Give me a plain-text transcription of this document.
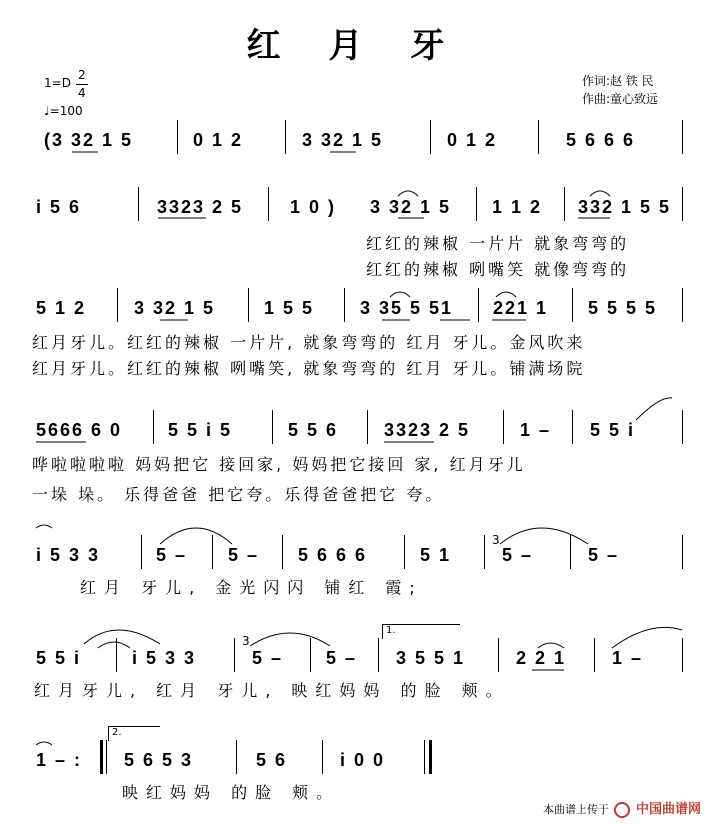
红 月 牙
1=D
2
4
♩=100
作词:赵 铁 民
作曲:童心致远
(3 32 1 5	0 1 2	3 32 1 5	0 1 2	5 6 6 6
i 5 6	3323 2 5	1 0 ) 3 32 1 5 1 1 2 332 1 5 5
红红的辣椒 一片片 就象弯弯的
红红的辣椒 咧嘴笑 就像弯弯的
5 1 2	3 32 1 5	1 5 5	3 35 5 51 221 1 5 5 5 5
红月牙儿。红红的辣椒 一片片, 就象弯弯的 红月 牙儿。金风吹来
红月牙儿。红红的辣椒 咧嘴笑, 就象弯弯的 红月 牙儿。铺满场院
5666 6 0	5 5 i 5	5 5 6	3323 2 5	1 – 5 5 i
哗啦啦啦啦 妈妈把它 接回家, 妈妈把它接回 家, 红月牙儿
一垛 垛。 乐得爸爸 把它夸。乐得爸爸把它 夸。
i 5 3 3	5 – 5 – 5 6 6 6	5 1
3
5 –	5 –
红月 牙儿, 金光闪闪 铺红 霞;
5 5 i	i 5 3 3
3
5 – 5 –
1.
3 5 5 1	2 2 1	1 –
红月牙儿, 红月 牙儿, 映红妈妈 的脸 颊。
1 – :
2.
5 6 5 3	5 6	i 0 0
映红妈妈 的脸 颊。
本曲谱上传于 中国曲谱网
